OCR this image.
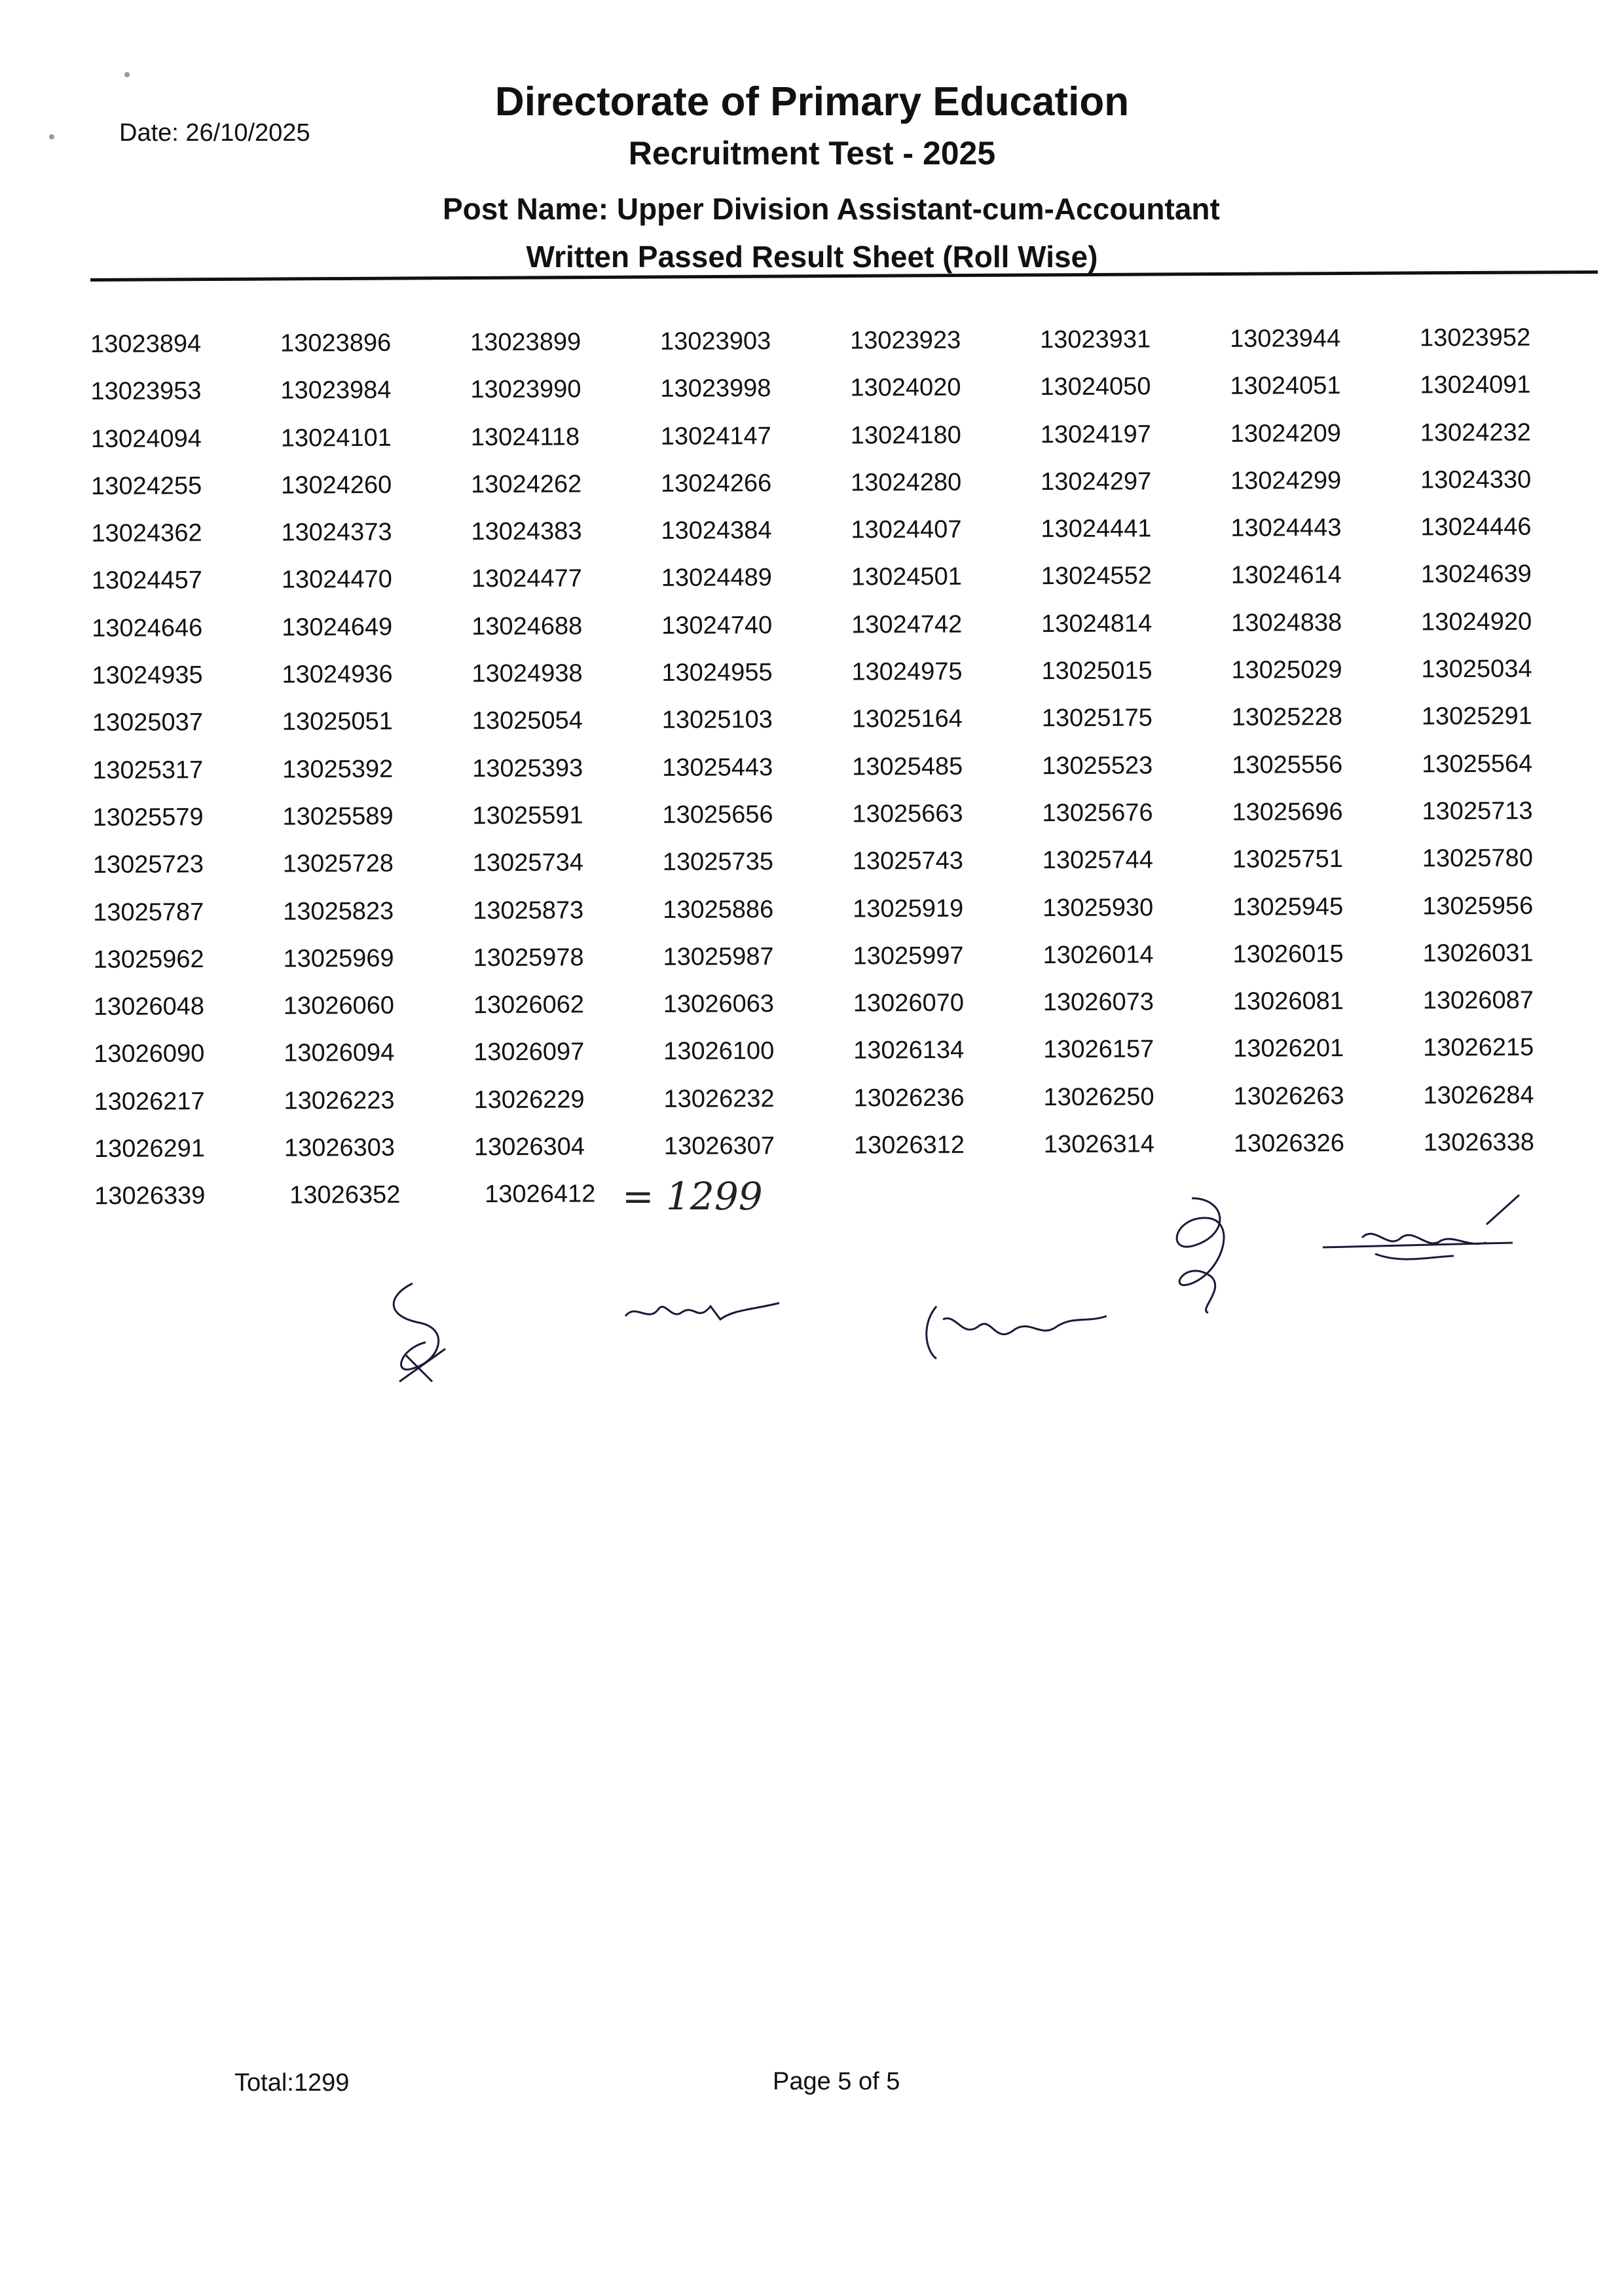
Date: 26/10/2025
Directorate of Primary Education
Recruitment Test - 2025
Post Name: Upper Division Assistant-cum-Accountant
Written Passed Result Sheet (Roll Wise)
13023894	13023896	13023899	13023903	13023923	13023931	13023944	13023952
13023953	13023984	13023990	13023998	13024020	13024050	13024051	13024091
13024094	13024101	13024118	13024147	13024180	13024197	13024209	13024232
13024255	13024260	13024262	13024266	13024280	13024297	13024299	13024330
13024362	13024373	13024383	13024384	13024407	13024441	13024443	13024446
13024457	13024470	13024477	13024489	13024501	13024552	13024614	13024639
13024646	13024649	13024688	13024740	13024742	13024814	13024838	13024920
13024935	13024936	13024938	13024955	13024975	13025015	13025029	13025034
13025037	13025051	13025054	13025103	13025164	13025175	13025228	13025291
13025317	13025392	13025393	13025443	13025485	13025523	13025556	13025564
13025579	13025589	13025591	13025656	13025663	13025676	13025696	13025713
13025723	13025728	13025734	13025735	13025743	13025744	13025751	13025780
13025787	13025823	13025873	13025886	13025919	13025930	13025945	13025956
13025962	13025969	13025978	13025987	13025997	13026014	13026015	13026031
13026048	13026060	13026062	13026063	13026070	13026073	13026081	13026087
13026090	13026094	13026097	13026100	13026134	13026157	13026201	13026215
13026217	13026223	13026229	13026232	13026236	13026250	13026263	13026284
13026291	13026303	13026304	13026307	13026312	13026314	13026326	13026338
13026339	13026352	13026412 = 1299
Total:1299	Page 5 of 5
